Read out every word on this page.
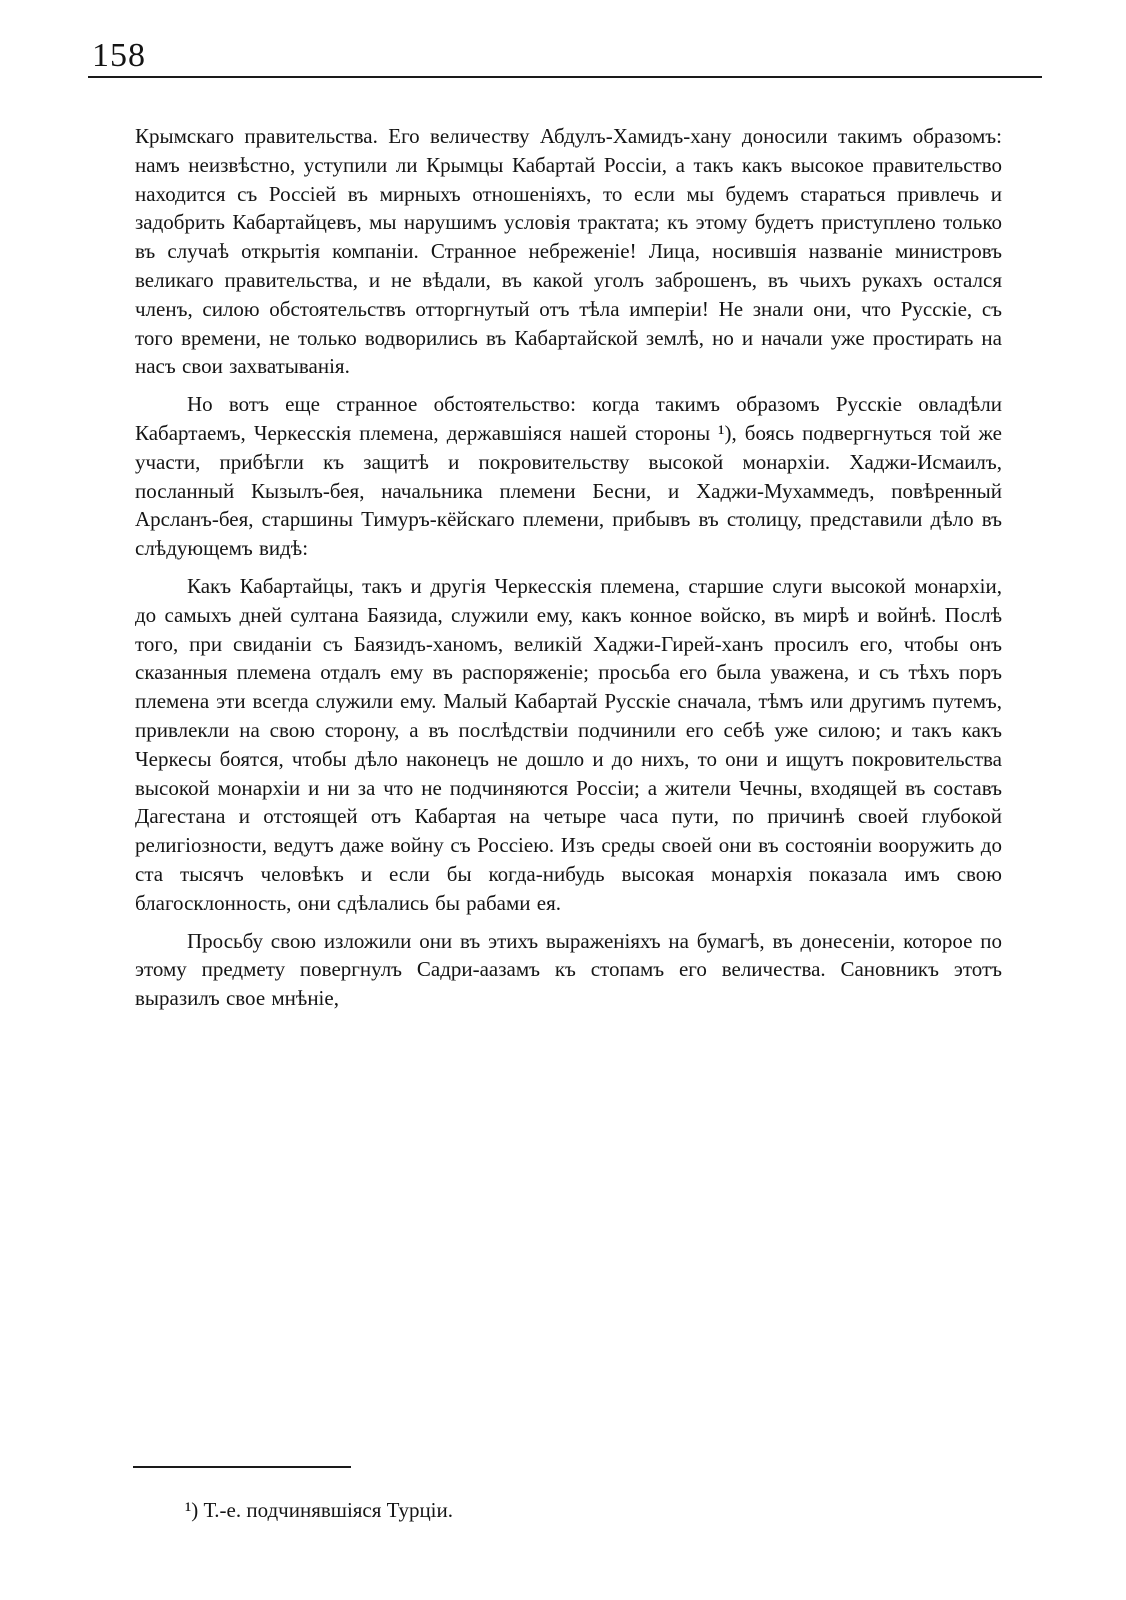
158

Крымскаго правительства. Его величеству Абдулъ-Хамидъ-хану доносили такимъ образомъ: намъ неизвѣстно, уступили ли Крымцы Кабартай Россіи, а такъ какъ высокое правительство находится съ Россіей въ мирныхъ отношеніяхъ, то если мы будемъ стараться привлечь и задобрить Кабартайцевъ, мы нарушимъ условія трактата; къ этому будетъ приступлено только въ случаѣ открытія компаніи. Странное небреженіе! Лица, носившія названіе министровъ великаго правительства, и не вѣдали, въ какой уголъ заброшенъ, въ чьихъ рукахъ остался членъ, силою обстоятельствъ отторгнутый отъ тѣла имперіи! Не знали они, что Русскіе, съ того времени, не только водворились въ Кабартайской землѣ, но и начали уже простирать на насъ свои захватыванія.

Но вотъ еще странное обстоятельство: когда такимъ образомъ Русскіе овладѣли Кабартаемъ, Черкесскія племена, державшіяся нашей стороны ¹), боясь подвергнуться той же участи, прибѣгли къ защитѣ и покровительству высокой монархіи. Хаджи-Исмаилъ, посланный Кызылъ-бея, начальника племени Бесни, и Хаджи-Мухаммедъ, повѣренный Арсланъ-бея, старшины Тимуръ-кёйскаго племени, прибывъ въ столицу, представили дѣло въ слѣдующемъ видѣ:

Какъ Кабартайцы, такъ и другія Черкесскія племена, старшие слуги высокой монархіи, до самыхъ дней султана Баязида, служили ему, какъ конное войско, въ мирѣ и войнѣ. Послѣ того, при свиданіи съ Баязидъ-ханомъ, великій Хаджи-Гирей-ханъ просилъ его, чтобы онъ сказанныя племена отдалъ ему въ распоряженіе; просьба его была уважена, и съ тѣхъ поръ племена эти всегда служили ему. Малый Кабартай Русскіе сначала, тѣмъ или другимъ путемъ, привлекли на свою сторону, а въ послѣдствіи подчинили его себѣ уже силою; и такъ какъ Черкесы боятся, чтобы дѣло наконецъ не дошло и до нихъ, то они и ищутъ покровительства высокой монархіи и ни за что не подчиняются Россіи; а жители Чечны, входящей въ составъ Дагестана и отстоящей отъ Кабартая на четыре часа пути, по причинѣ своей глубокой религіозности, ведутъ даже войну съ Россіею. Изъ среды своей они въ состояніи вооружить до ста тысячъ человѣкъ и если бы когда-нибудь высокая монархія показала имъ свою благосклонность, они сдѣлались бы рабами ея.

Просьбу свою изложили они въ этихъ выраженіяхъ на бумагѣ, въ донесеніи, которое по этому предмету повергнулъ Садри-аазамъ къ стопамъ его величества. Сановникъ этотъ выразилъ свое мнѣніе,

¹) Т.-е. подчинявшіяся Турціи.
